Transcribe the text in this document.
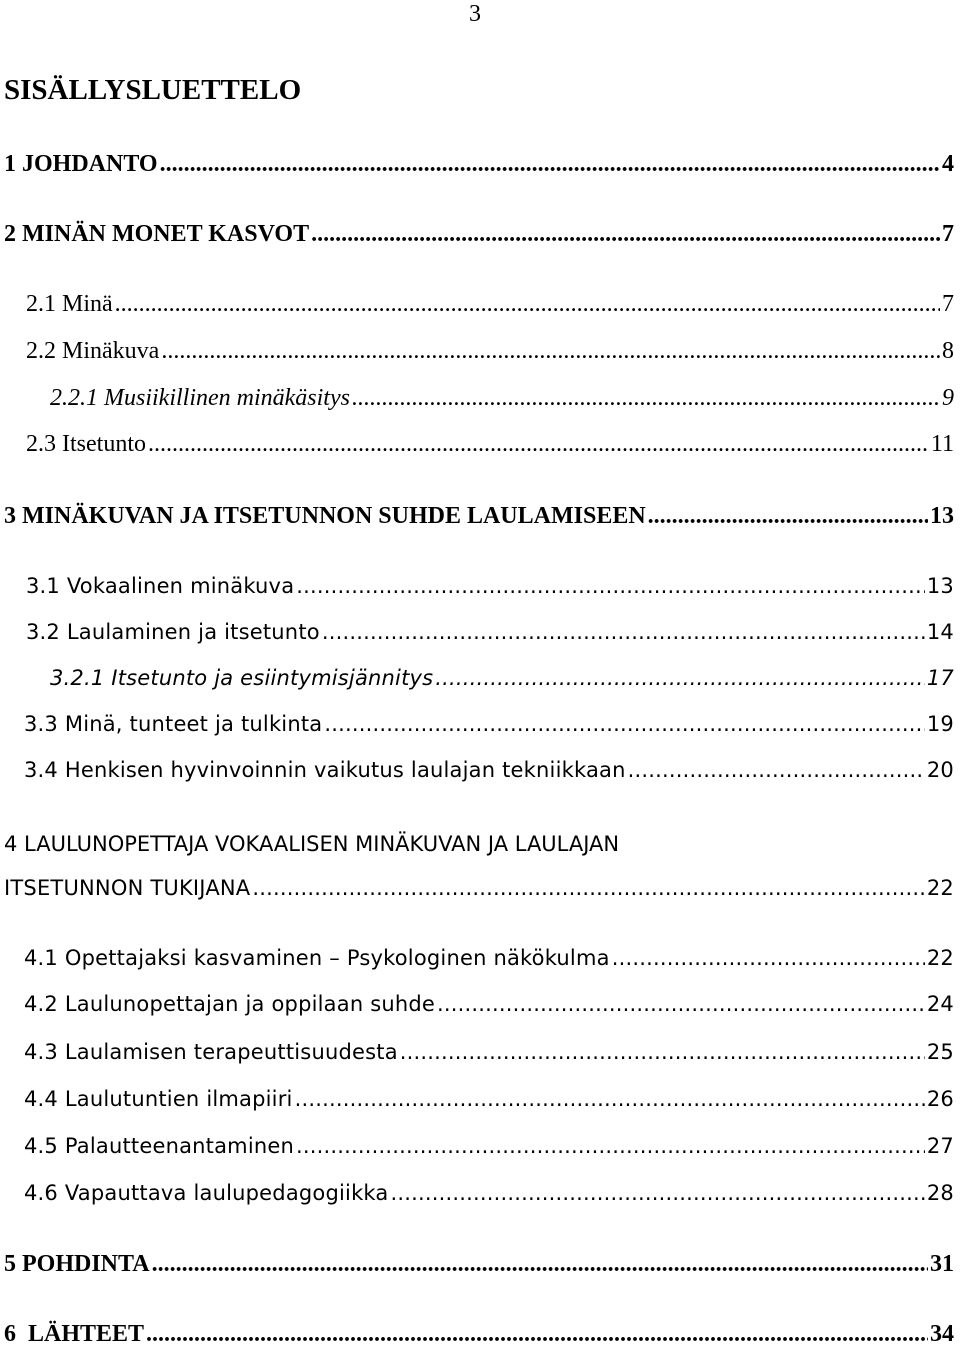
3
SISÄLLYSLUETTELO
1 JOHDANTO .....	4
2 MINÄN MONET KASVOT .....	7
2.1 Minä .....	7
2.2 Minäkuva .....	8
2.2.1 Musiikillinen minäkäsitys .....	9
2.3 Itsetunto .....	11
3 MINÄKUVAN JA ITSETUNNON SUHDE LAULAMISEEN .....	13
3.1 Vokaalinen minäkuva .....	13
3.2 Laulaminen ja itsetunto .....	14
3.2.1 Itsetunto ja esiintymisjännitys .....	17
3.3 Minä, tunteet ja tulkinta .....	19
3.4 Henkisen hyvinvoinnin vaikutus laulajan tekniikkaan .....	20
4 LAULUNOPETTAJA VOKAALISEN MINÄKUVAN JA LAULAJAN
ITSETUNNON TUKIJANA .....	22
4.1 Opettajaksi kasvaminen – Psykologinen näkökulma .....	22
4.2 Laulunopettajan ja oppilaan suhde .....	24
4.3 Laulamisen terapeuttisuudesta .....	25
4.4 Laulutuntien ilmapiiri .....	26
4.5 Palautteenantaminen .....	27
4.6 Vapauttava laulupedagogiikka .....	28
5 POHDINTA .....	31
6  LÄHTEET .....	34
